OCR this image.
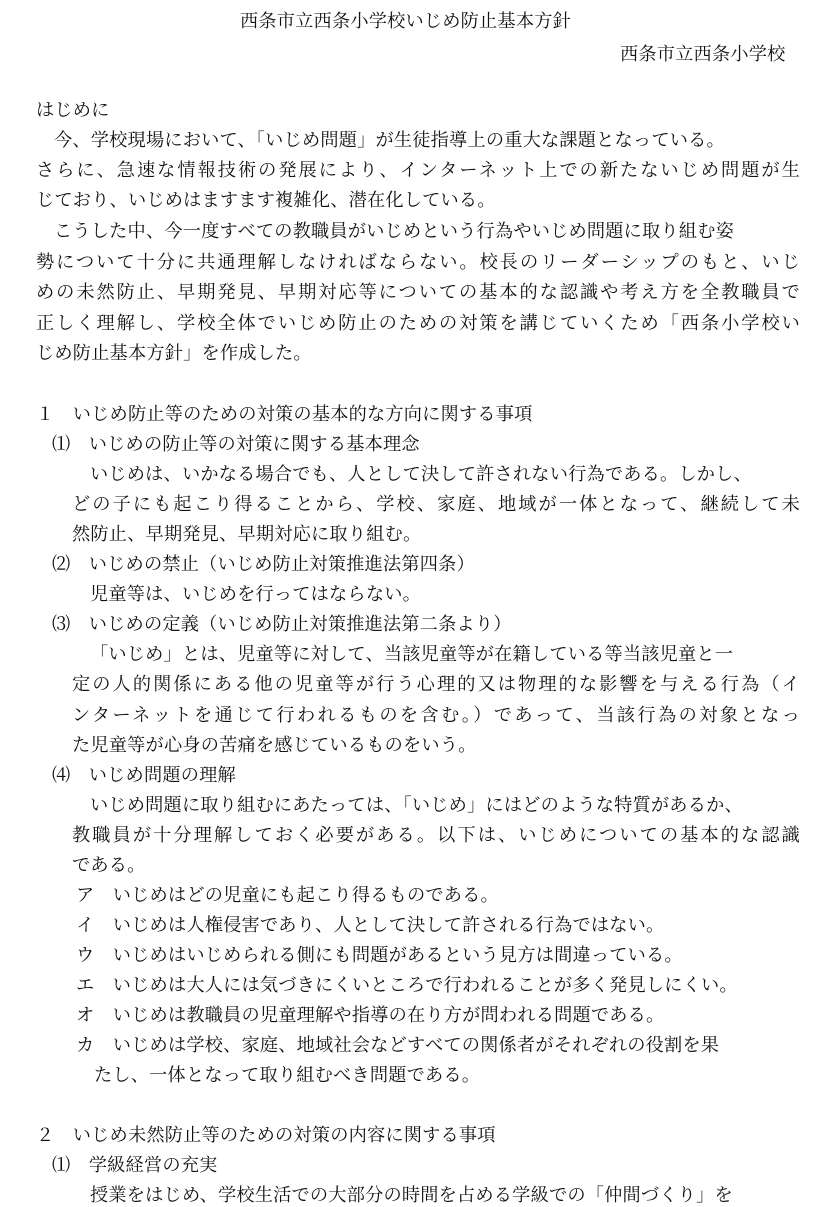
西条市立西条小学校いじめ防止基本方針
西条市立西条小学校
はじめに
今、学校現場において、「いじめ問題」が生徒指導上の重大な課題となっている。
さらに、急速な情報技術の発展により、インターネット上での新たないじめ問題が生
じており、いじめはますます複雑化、潜在化している。
こうした中、今一度すべての教職員がいじめという行為やいじめ問題に取り組む姿
勢について十分に共通理解しなければならない。校長のリーダーシップのもと、いじ
めの未然防止、早期発見、早期対応等についての基本的な認識や考え方を全教職員で
正しく理解し、学校全体でいじめ防止のための対策を講じていくため「西条小学校い
じめ防止基本方針」を作成した。
１　いじめ防止等のための対策の基本的な方向に関する事項
⑴　いじめの防止等の対策に関する基本理念
いじめは、いかなる場合でも、人として決して許されない行為である。しかし、
どの子にも起こり得ることから、学校、家庭、地域が一体となって、継続して未
然防止、早期発見、早期対応に取り組む。
⑵　いじめの禁止（いじめ防止対策推進法第四条）
児童等は、いじめを行ってはならない。
⑶　いじめの定義（いじめ防止対策推進法第二条より）
「いじめ」とは、児童等に対して、当該児童等が在籍している等当該児童と一
定の人的関係にある他の児童等が行う心理的又は物理的な影響を与える行為（イ
ンターネットを通じて行われるものを含む。）であって、当該行為の対象となっ
た児童等が心身の苦痛を感じているものをいう。
⑷　いじめ問題の理解
いじめ問題に取り組むにあたっては、「いじめ」にはどのような特質があるか、
教職員が十分理解しておく必要がある。以下は、いじめについての基本的な認識
である。
ア　いじめはどの児童にも起こり得るものである。
イ　いじめは人権侵害であり、人として決して許される行為ではない。
ウ　いじめはいじめられる側にも問題があるという見方は間違っている。
エ　いじめは大人には気づきにくいところで行われることが多く発見しにくい。
オ　いじめは教職員の児童理解や指導の在り方が問われる問題である。
カ　いじめは学校、家庭、地域社会などすべての関係者がそれぞれの役割を果
たし、一体となって取り組むべき問題である。
２　いじめ未然防止等のための対策の内容に関する事項
⑴　学級経営の充実
授業をはじめ、学校生活での大部分の時間を占める学級での「仲間づくり」を
